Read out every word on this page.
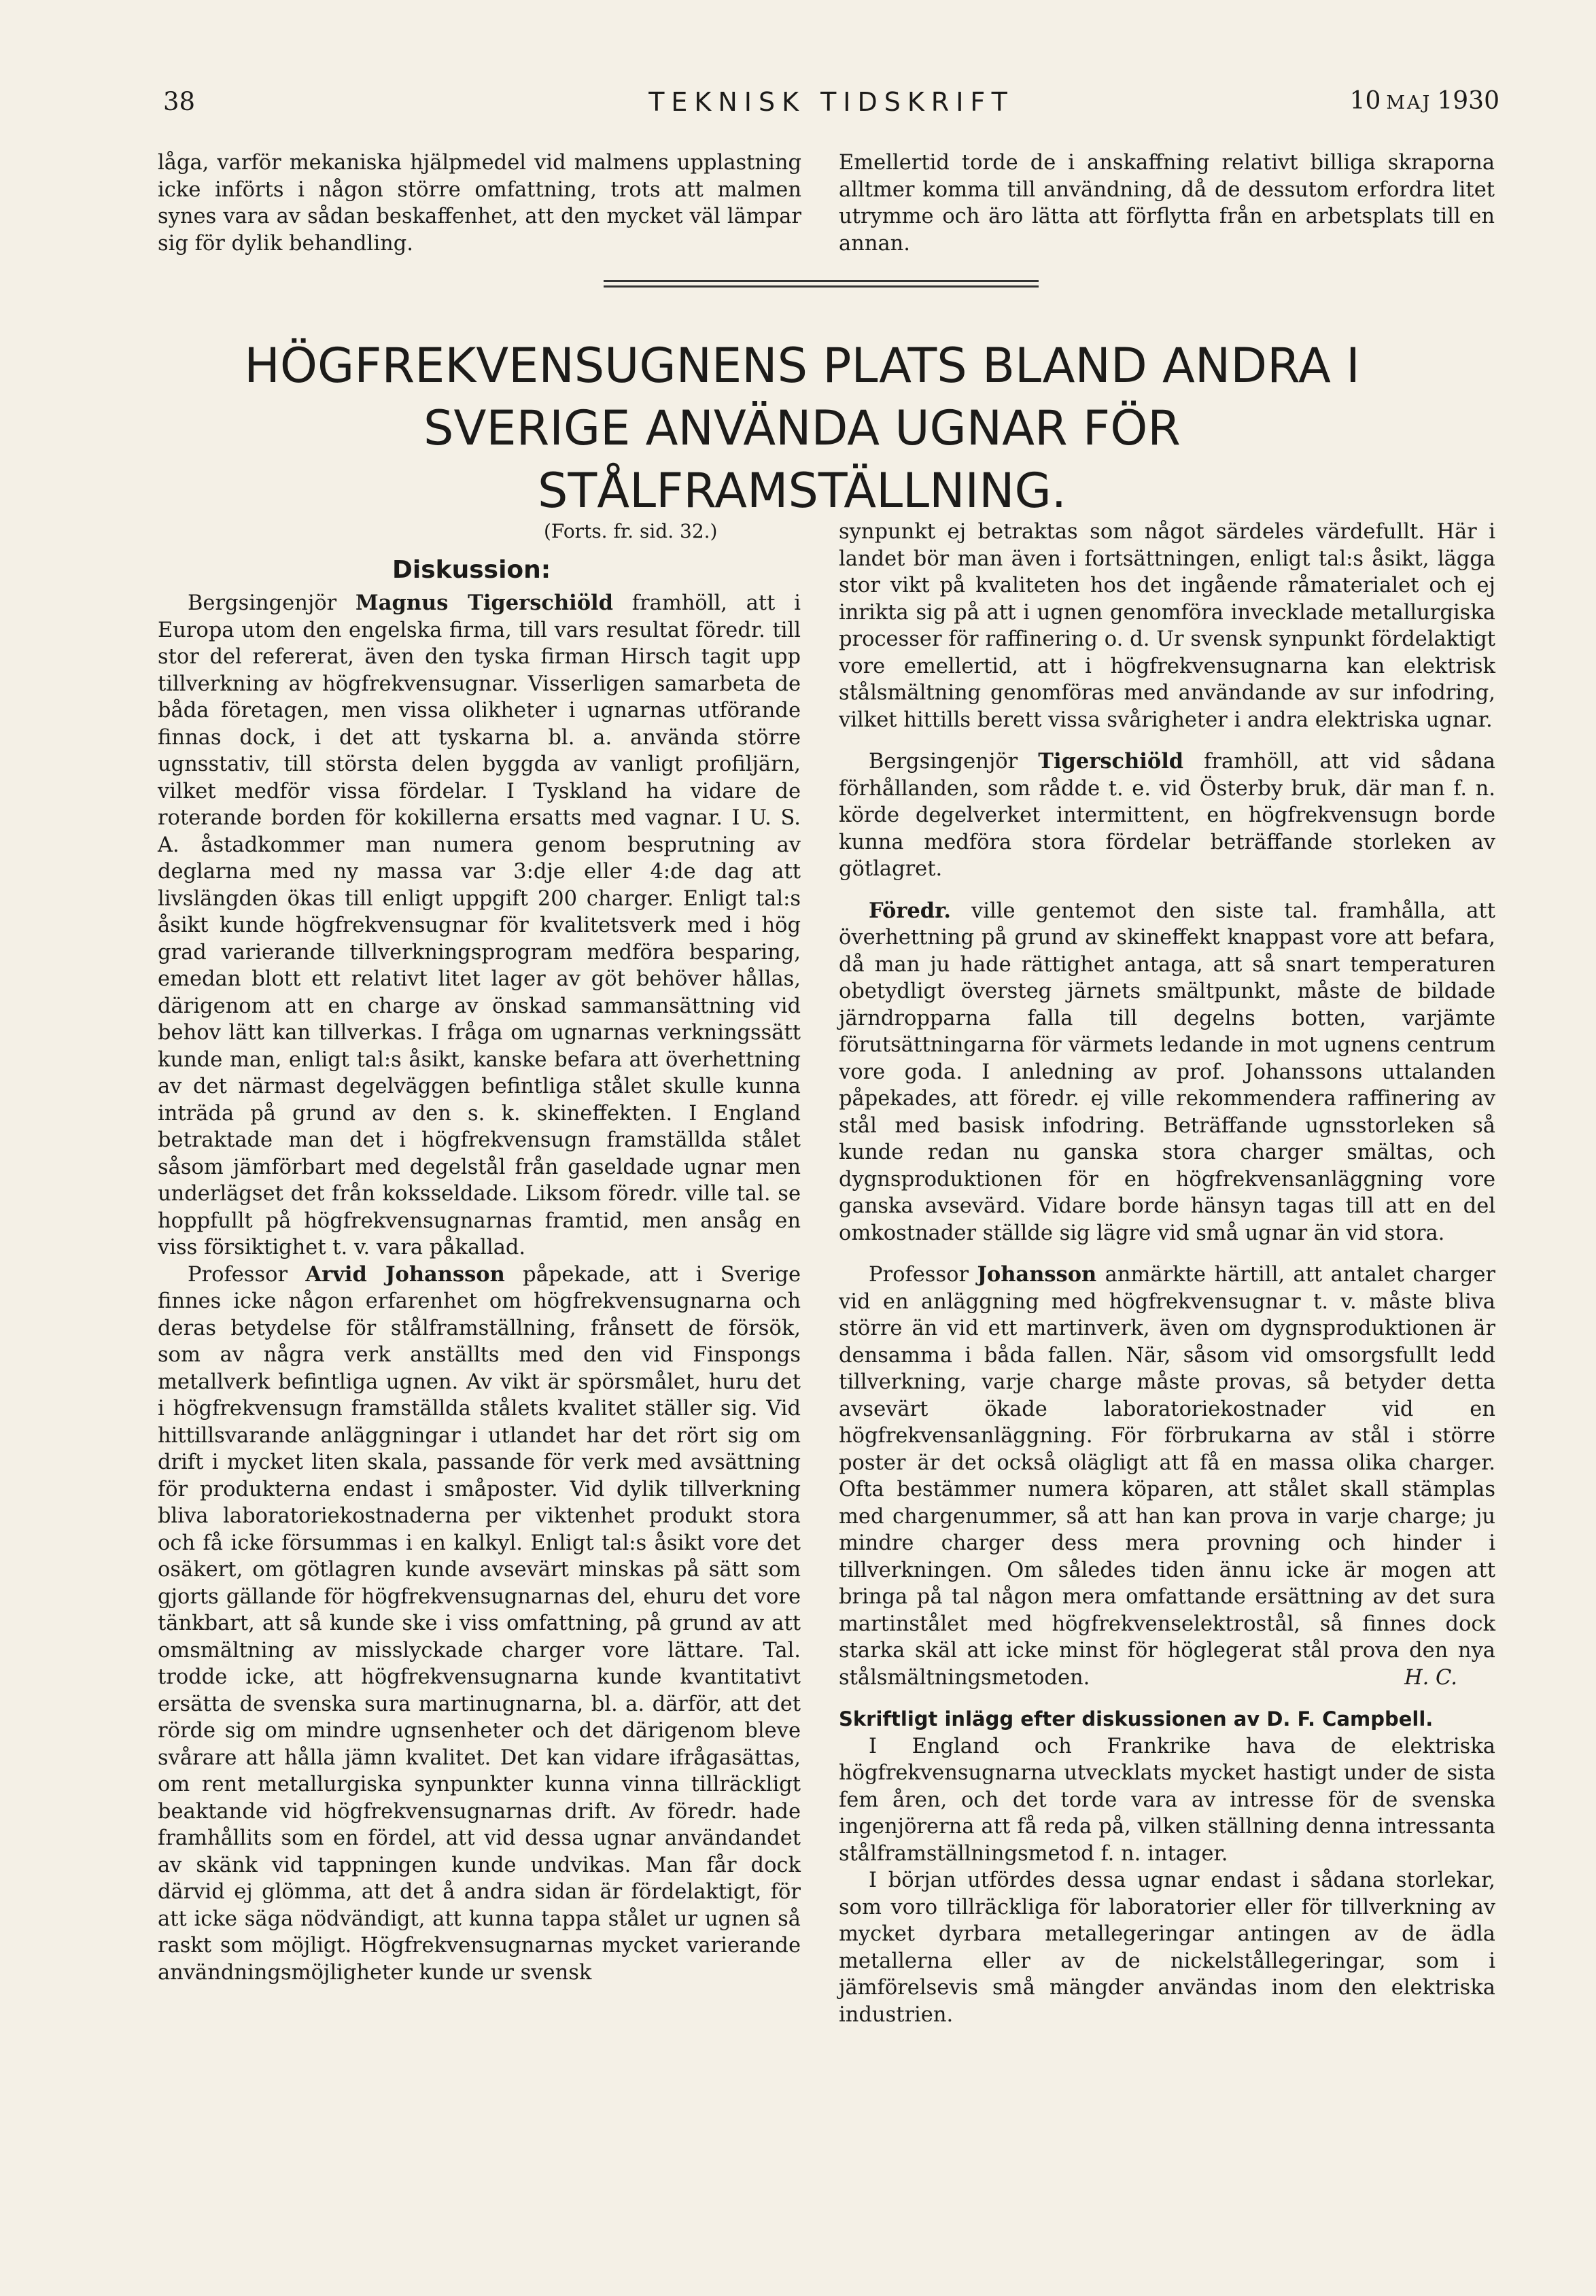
38	TEKNISK TIDSKRIFT	10 MAJ 1930

låga, varför mekaniska hjälpmedel vid malmens upplastning icke införts i någon större omfattning, trots att malmen synes vara av sådan beskaffenhet, att den mycket väl lämpar sig för dylik behandling.

Emellertid torde de i anskaffning relativt billiga skraporna alltmer komma till användning, då de dessutom erfordra litet utrymme och äro lätta att förflytta från en arbetsplats till en annan.

HÖGFREKVENSUGNENS PLATS BLAND ANDRA I SVERIGE ANVÄNDA UGNAR FÖR STÅLFRAMSTÄLLNING.
(Forts. fr. sid. 32.)
Diskussion:

Bergsingenjör Magnus Tigerschiöld framhöll, att i Europa utom den engelska firma, till vars resultat föredr. till stor del refererat, även den tyska firman Hirsch tagit upp tillverkning av högfrekvensugnar. Visserligen samarbeta de båda företagen, men vissa olikheter i ugnarnas utförande finnas dock, i det att tyskarna bl. a. använda större ugnsstativ, till största delen byggda av vanligt profiljärn, vilket medför vissa fördelar. I Tyskland ha vidare de roterande borden för kokillerna ersatts med vagnar. I U. S. A. åstadkommer man numera genom besprutning av deglarna med ny massa var 3:dje eller 4:de dag att livslängden ökas till enligt uppgift 200 charger. Enligt tal:s åsikt kunde högfrekvensugnar för kvalitetsverk med i hög grad varierande tillverkningsprogram medföra besparing, emedan blott ett relativt litet lager av göt behöver hållas, därigenom att en charge av önskad sammansättning vid behov lätt kan tillverkas. I fråga om ugnarnas verkningssätt kunde man, enligt tal:s åsikt, kanske befara att överhettning av det närmast degelväggen befintliga stålet skulle kunna inträda på grund av den s. k. skineffekten. I England betraktade man det i högfrekvensugn framställda stålet såsom jämförbart med degelstål från gaseldade ugnar men underlägset det från koksseldade. Liksom föredr. ville tal. se hoppfullt på högfrekvensugnarnas framtid, men ansåg en viss försiktighet t. v. vara påkallad.

Professor Arvid Johansson påpekade, att i Sverige finnes icke någon erfarenhet om högfrekvensugnarna och deras betydelse för stålframställning, frånsett de försök, som av några verk anställts med den vid Finspongs metallverk befintliga ugnen. Av vikt är spörsmålet, huru det i högfrekvensugn framställda stålets kvalitet ställer sig. Vid hittillsvarande anläggningar i utlandet har det rört sig om drift i mycket liten skala, passande för verk med avsättning för produkterna endast i småposter. Vid dylik tillverkning bliva laboratoriekostnaderna per viktenhet produkt stora och få icke försummas i en kalkyl. Enligt tal:s åsikt vore det osäkert, om götlagren kunde avsevärt minskas på sätt som gjorts gällande för högfrekvensugnarnas del, ehuru det vore tänkbart, att så kunde ske i viss omfattning, på grund av att omsmältning av misslyckade charger vore lättare. Tal. trodde icke, att högfrekvensugnarna kunde kvantitativt ersätta de svenska sura martinugnarna, bl. a. därför, att det rörde sig om mindre ugnsenheter och det därigenom bleve svårare att hålla jämn kvalitet. Det kan vidare ifrågasättas, om rent metallurgiska synpunkter kunna vinna tillräckligt beaktande vid högfrekvensugnarnas drift. Av föredr. hade framhållits som en fördel, att vid dessa ugnar användandet av skänk vid tappningen kunde undvikas. Man får dock därvid ej glömma, att det å andra sidan är fördelaktigt, för att icke säga nödvändigt, att kunna tappa stålet ur ugnen så raskt som möjligt. Högfrekvensugnarnas mycket varierande användningsmöjligheter kunde ur svensk

synpunkt ej betraktas som något särdeles värdefullt. Här i landet bör man även i fortsättningen, enligt tal:s åsikt, lägga stor vikt på kvaliteten hos det ingående råmaterialet och ej inrikta sig på att i ugnen genomföra invecklade metallurgiska processer för raffinering o. d. Ur svensk synpunkt fördelaktigt vore emellertid, att i högfrekvensugnarna kan elektrisk stålsmältning genomföras med användande av sur infodring, vilket hittills berett vissa svårigheter i andra elektriska ugnar.

Bergsingenjör Tigerschiöld framhöll, att vid sådana förhållanden, som rådde t. e. vid Österby bruk, där man f. n. körde degelverket intermittent, en högfrekvensugn borde kunna medföra stora fördelar beträffande storleken av götlagret.

Föredr. ville gentemot den siste tal. framhålla, att överhettning på grund av skineffekt knappast vore att befara, då man ju hade rättighet antaga, att så snart temperaturen obetydligt översteg järnets smältpunkt, måste de bildade järndropparna falla till degelns botten, varjämte förutsättningarna för värmets ledande in mot ugnens centrum vore goda. I anledning av prof. Johanssons uttalanden påpekades, att föredr. ej ville rekommendera raffinering av stål med basisk infodring. Beträffande ugnsstorleken så kunde redan nu ganska stora charger smältas, och dygnsproduktionen för en högfrekvensanläggning vore ganska avsevärd. Vidare borde hänsyn tagas till att en del omkostnader ställde sig lägre vid små ugnar än vid stora.

Professor Johansson anmärkte härtill, att antalet charger vid en anläggning med högfrekvensugnar t. v. måste bliva större än vid ett martinverk, även om dygnsproduktionen är densamma i båda fallen. När, såsom vid omsorgsfullt ledd tillverkning, varje charge måste provas, så betyder detta avsevärt ökade laboratoriekostnader vid en högfrekvensanläggning. För förbrukarna av stål i större poster är det också olägligt att få en massa olika charger. Ofta bestämmer numera köparen, att stålet skall stämplas med chargenummer, så att han kan prova in varje charge; ju mindre charger dess mera provning och hinder i tillverkningen. Om således tiden ännu icke är mogen att bringa på tal någon mera omfattande ersättning av det sura martinstålet med högfrekvenselektrostål, så finnes dock starka skäl att icke minst för höglegerat stål prova den nya stålsmältningsmetoden.	H. C.

Skriftligt inlägg efter diskussionen av D. F. Campbell.

I England och Frankrike hava de elektriska högfrekvensugnarna utvecklats mycket hastigt under de sista fem åren, och det torde vara av intresse för de svenska ingenjörerna att få reda på, vilken ställning denna intressanta stålframställningsmetod f. n. intager.

I början utfördes dessa ugnar endast i sådana storlekar, som voro tillräckliga för laboratorier eller för tillverkning av mycket dyrbara metallegeringar antingen av de ädla metallerna eller av de nickelstållegeringar, som i jämförelsevis små mängder användas inom den elektriska industrien.
